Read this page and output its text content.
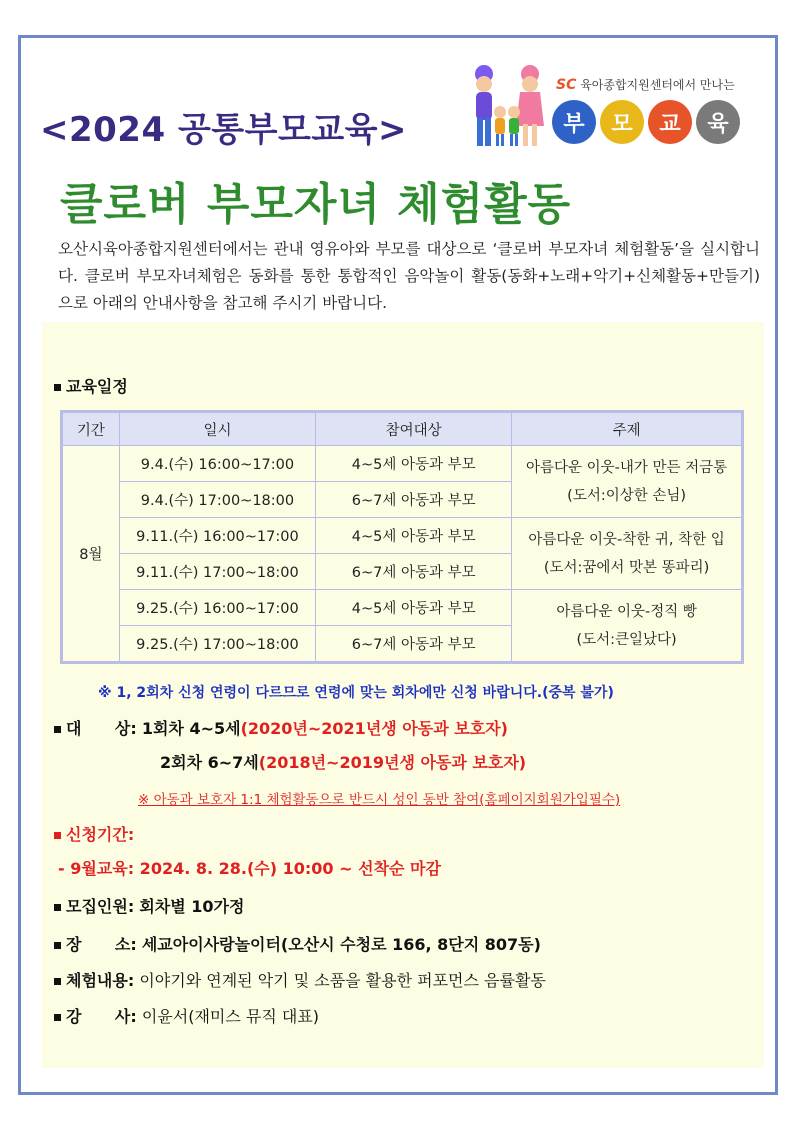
<2024 공통부모교육>
SC 육아종합지원센터에서 만나는
부	모	교	육
클로버 부모자녀 체험활동
오산시육아종합지원센터에서는 관내 영유아와 부모를 대상으로 ‘클로버 부모자녀 체험활동’을 실시합니다. 클로버 부모자녀체험은 동화를 통한 통합적인 음악놀이 활동(동화+노래+악기+신체활동+만들기) 으로 아래의 안내사항을 참고해 주시기 바랍니다.
교육일정
기간	일시	참여대상	주제
8월	9.4.(수) 16:00~17:00	4~5세 아동과 부모	아름다운 이웃-내가 만든 저금통
(도서:이상한 손님)

	9.4.(수) 17:00~18:00	6~7세 아동과 부모	
	9.11.(수) 16:00~17:00	4~5세 아동과 부모	아름다운 이웃-착한 귀, 착한 입
(도서:꿈에서 맛본 똥파리)

	9.11.(수) 17:00~18:00	6~7세 아동과 부모	
	9.25.(수) 16:00~17:00	4~5세 아동과 부모	아름다운 이웃-정직 빵
(도서:큰일났다)

	9.25.(수) 17:00~18:00	6~7세 아동과 부모	
※ 1, 2회차 신청 연령이 다르므로 연령에 맞는 회차에만 신청 바랍니다.(중복 불가)
대      상: 1회차 4~5세(2020년~2021년생 아동과 보호자)
2회차 6~7세(2018년~2019년생 아동과 보호자)
※ 아동과 보호자 1:1 체험활동으로 반드시 성인 동반 참여(홈페이지회원가입필수)
신청기간:
- 9월교육: 2024. 8. 28.(수) 10:00 ~ 선착순 마감
모집인원: 회차별 10가정
장      소: 세교아이사랑놀이터(오산시 수청로 166, 8단지 807동)
체험내용: 이야기와 연계된 악기 및 소품을 활용한 퍼포먼스 음률활동
강      사: 이윤서(재미스 뮤직 대표)
